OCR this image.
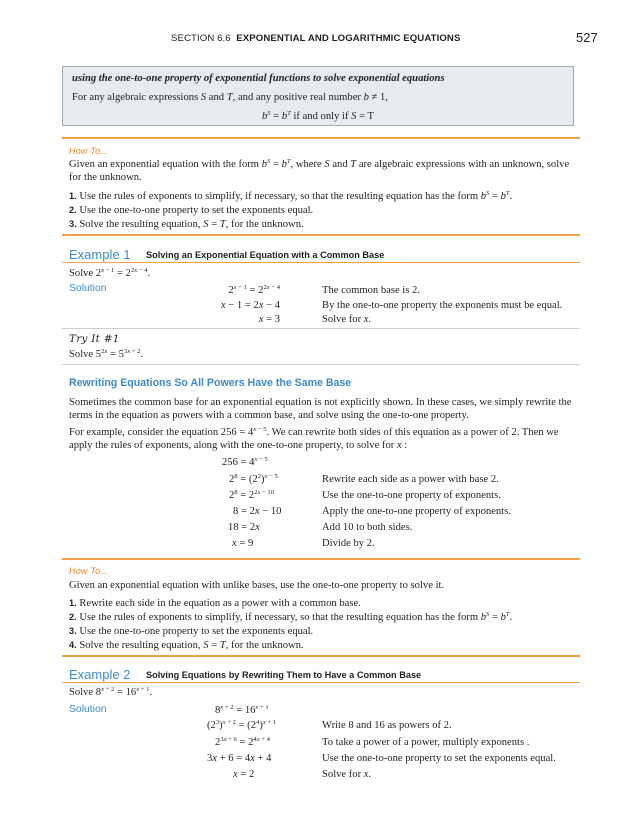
SECTION 6.6 EXPONENTIAL AND LOGARITHMIC EQUATIONS	527
using the one-to-one property of exponential functions to solve exponential equations
For any algebraic expressions S and T, and any positive real number b ≠ 1,
$b^S = b^T$ if and only if S = T
How To...
Given an exponential equation with the form $b^S = b^T$, where S and T are algebraic expressions with an unknown, solve for the unknown.
1. Use the rules of exponents to simplify, if necessary, so that the resulting equation has the form $b^S = b^T$.
2. Use the one-to-one property to set the exponents equal.
3. Solve the resulting equation, S = T, for the unknown.
Example 1 Solving an Exponential Equation with a Common Base
Solve $2^{x - 1} = 2^{2x - 4}$.
Solution	$2^{x - 1} = 2^{2x - 4}$	The common base is 2.
x − 1 = 2x − 4	By the one-to-one property the exponents must be equal.
x = 3	Solve for x.
Try It #1
Solve $5^{2x} = 5^{3x + 2}$.
Rewriting Equations So All Powers Have the Same Base
Sometimes the common base for an exponential equation is not explicitly shown. In these cases, we simply rewrite the terms in the equation as powers with a common base, and solve using the one-to-one property.
For example, consider the equation $256 = 4^{x - 5}$. We can rewrite both sides of this equation as a power of 2. Then we apply the rules of exponents, along with the one-to-one property, to solve for x :
$256 = 4^{x - 5}$
$2^8 = (2^2)^{x - 5}$	Rewrite each side as a power with base 2.
$2^8 = 2^{2x - 10}$	Use the one-to-one property of exponents.
8 = 2x − 10	Apply the one-to-one property of exponents.
18 = 2x	Add 10 to both sides.
x = 9	Divide by 2.
How To...
Given an exponential equation with unlike bases, use the one-to-one property to solve it.
1. Rewrite each side in the equation as a power with a common base.
2. Use the rules of exponents to simplify, if necessary, so that the resulting equation has the form $b^S = b^T$.
3. Use the one-to-one property to set the exponents equal.
4. Solve the resulting equation, S = T, for the unknown.
Example 2 Solving Equations by Rewriting Them to Have a Common Base
Solve $8^{x + 2} = 16^{x + 1}$.
Solution	$8^{x + 2} = 16^{x + 1}$
$(2^3)^{x + 2} = (2^4)^{x + 1}$	Write 8 and 16 as powers of 2.
$2^{3x + 6} = 2^{4x + 4}$	To take a power of a power, multiply exponents .
3x + 6 = 4x + 4	Use the one-to-one property to set the exponents equal.
x = 2	Solve for x.
